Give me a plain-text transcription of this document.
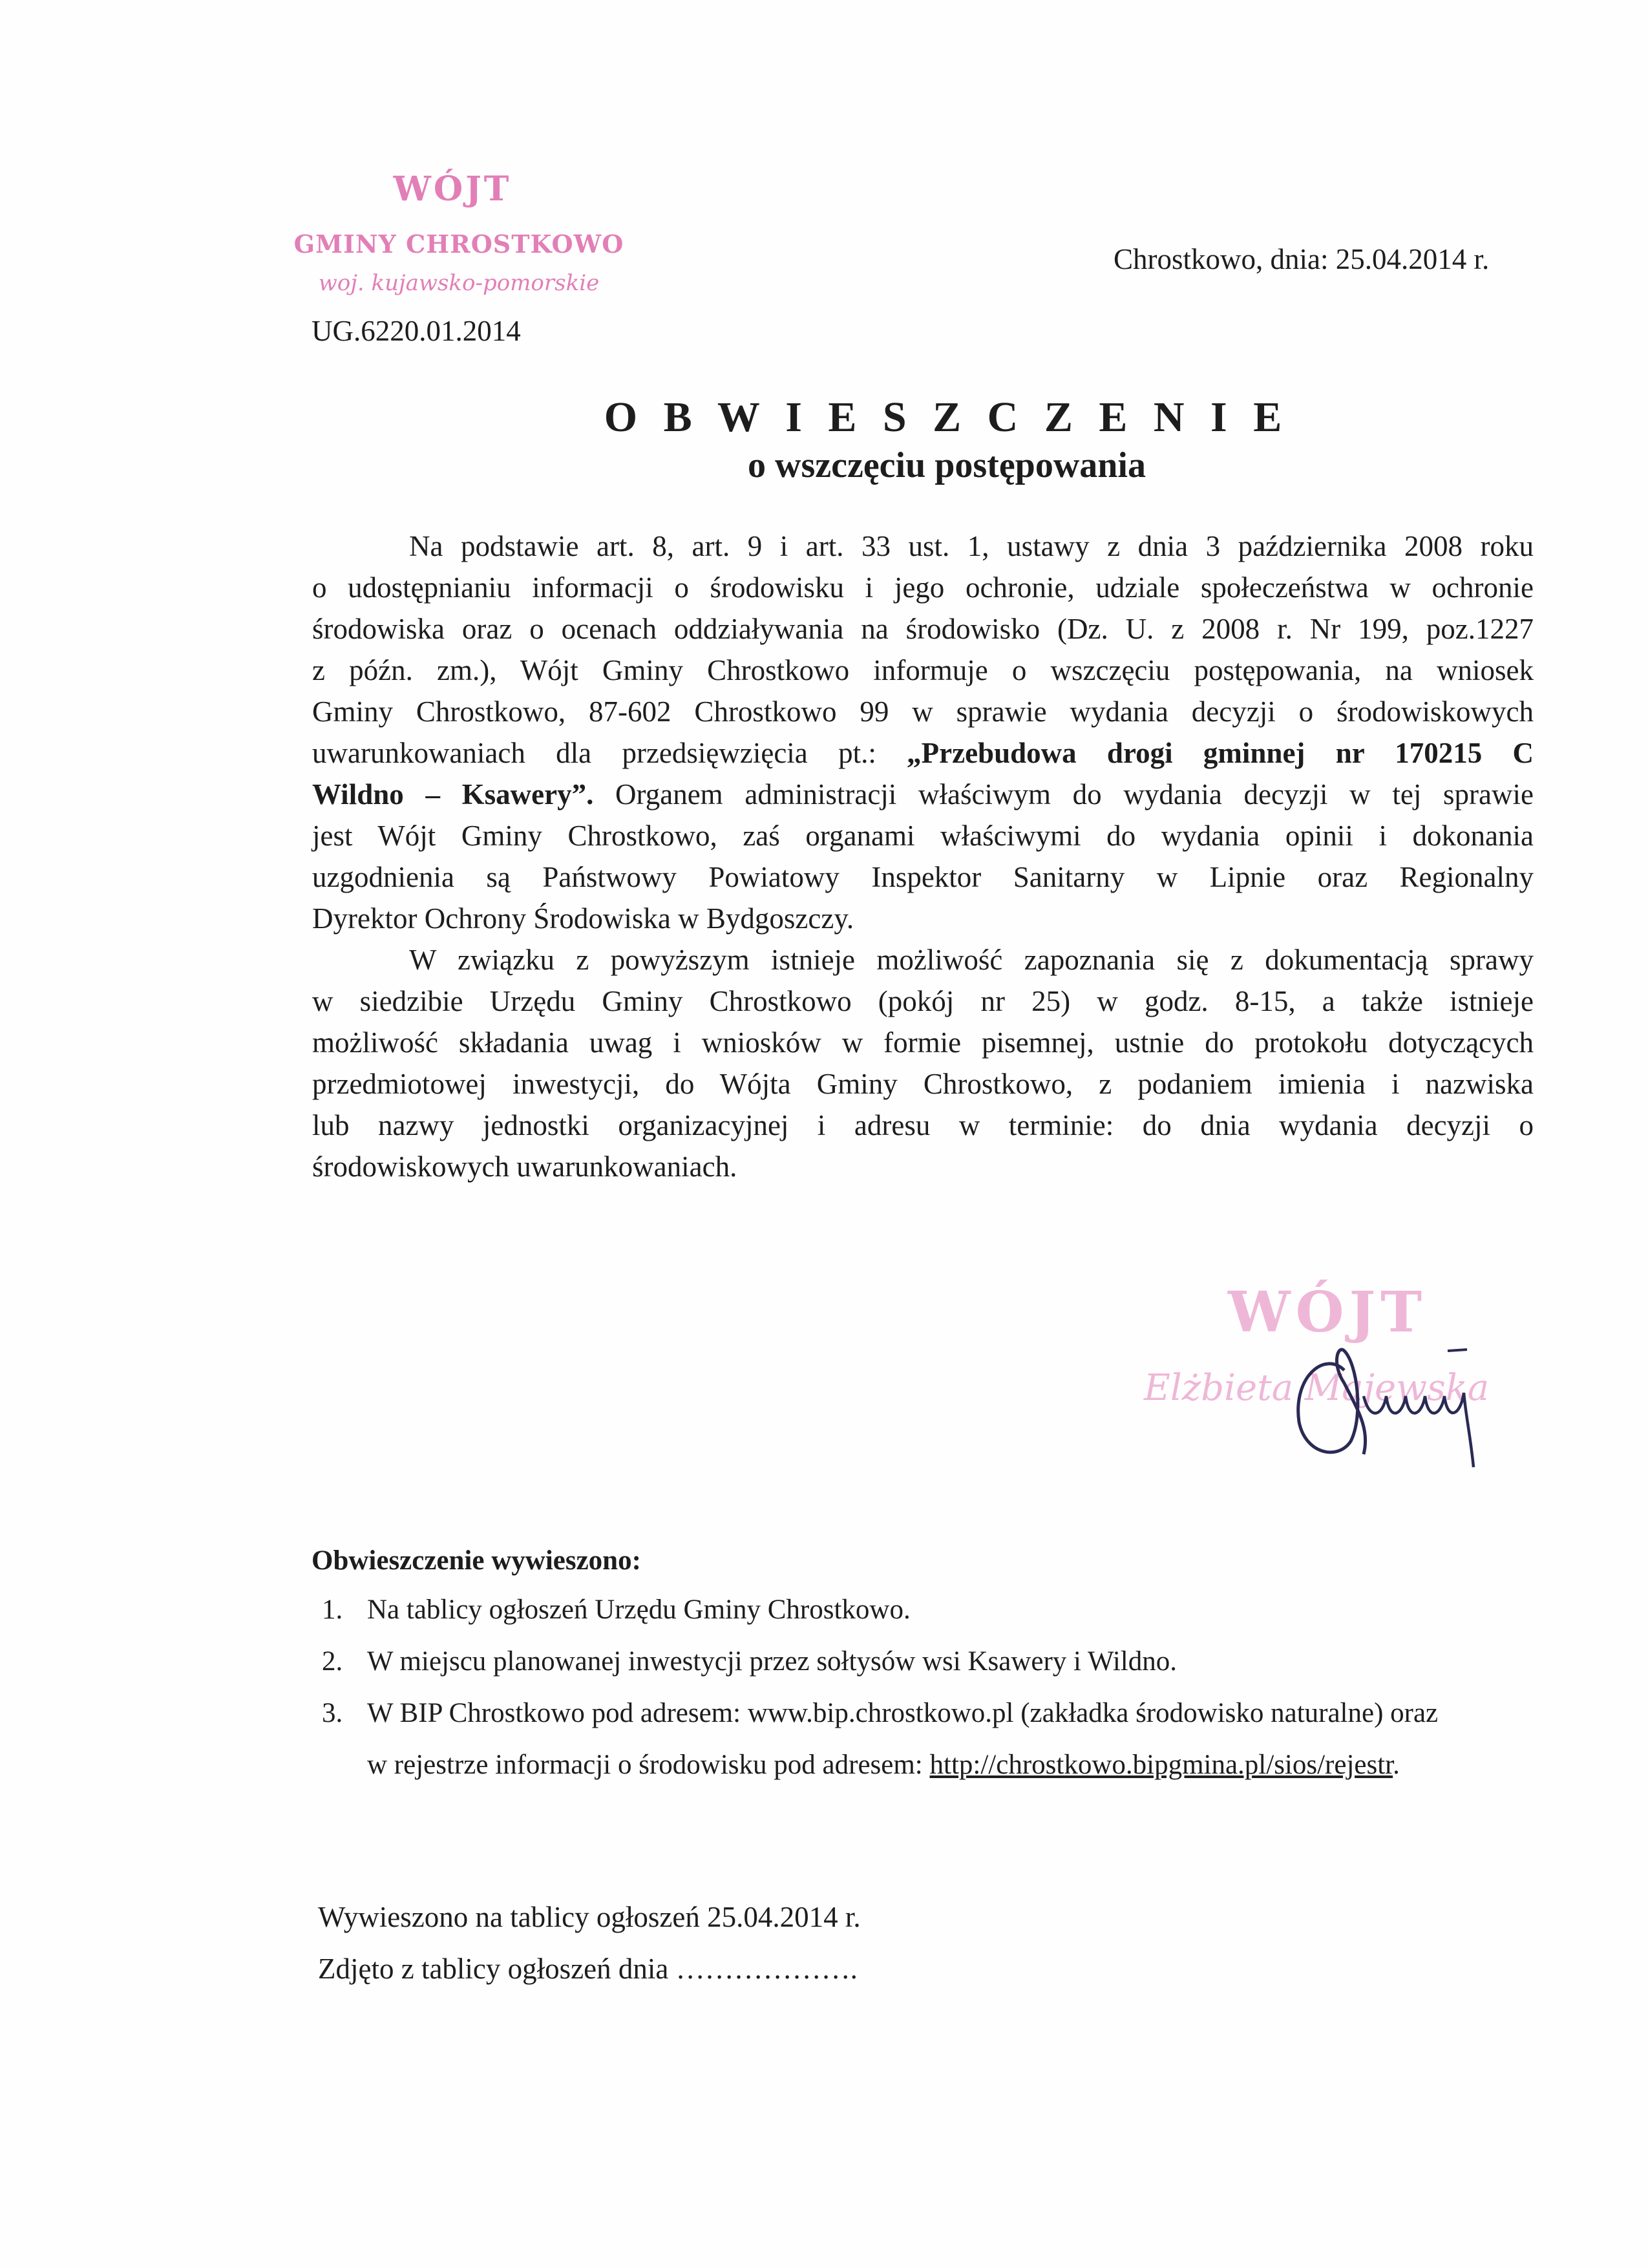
WÓJT
GMINY CHROSTKOWO
woj. kujawsko-pomorskie
Chrostkowo, dnia: 25.04.2014 r.
UG.6220.01.2014
O B W I E S Z C Z E N I E
o wszczęciu postępowania
Na podstawie art. 8, art. 9 i art. 33 ust. 1, ustawy z dnia 3 października 2008 roku
o udostępnianiu informacji o środowisku i jego ochronie, udziale społeczeństwa w ochronie
środowiska oraz o ocenach oddziaływania na środowisko (Dz. U. z 2008 r. Nr 199, poz.1227
z późn. zm.), Wójt Gminy Chrostkowo informuje o wszczęciu postępowania, na wniosek
Gminy Chrostkowo, 87-602 Chrostkowo 99 w sprawie wydania decyzji o środowiskowych
uwarunkowaniach dla przedsięwzięcia pt.: „Przebudowa drogi gminnej nr 170215 C
Wildno – Ksawery”. Organem administracji właściwym do wydania decyzji w tej sprawie
jest Wójt Gminy Chrostkowo, zaś organami właściwymi do wydania opinii i dokonania
uzgodnienia są Państwowy Powiatowy Inspektor Sanitarny w Lipnie oraz Regionalny
Dyrektor Ochrony Środowiska w Bydgoszczy.
W związku z powyższym istnieje możliwość zapoznania się z dokumentacją sprawy
w siedzibie Urzędu Gminy Chrostkowo (pokój nr 25) w godz. 8-15, a także istnieje
możliwość składania uwag i wniosków w formie pisemnej, ustnie do protokołu dotyczących
przedmiotowej inwestycji, do Wójta Gminy Chrostkowo, z podaniem imienia i nazwiska
lub nazwy jednostki organizacyjnej i adresu w terminie: do dnia wydania decyzji o
środowiskowych uwarunkowaniach.
WÓJT
Elżbieta Majewska
Obwieszczenie wywieszono:
1. Na tablicy ogłoszeń Urzędu Gminy Chrostkowo.
2. W miejscu planowanej inwestycji przez sołtysów wsi Ksawery i Wildno.
3. W BIP Chrostkowo pod adresem: www.bip.chrostkowo.pl (zakładka środowisko naturalne) oraz
w rejestrze informacji o środowisku pod adresem: http://chrostkowo.bipgmina.pl/sios/rejestr.
Wywieszono na tablicy ogłoszeń 25.04.2014 r.
Zdjęto z tablicy ogłoszeń dnia ……………….
